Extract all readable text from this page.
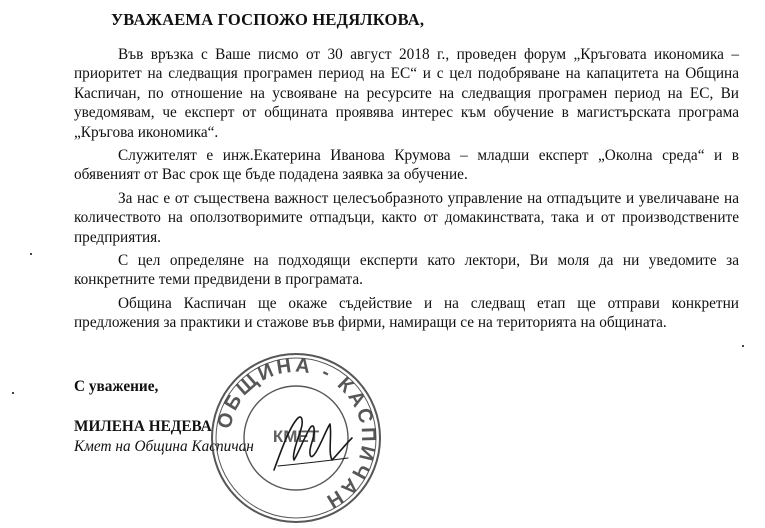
УВАЖАЕМА ГОСПОЖО НЕДЯЛКОВА,

Във връзка с Ваше писмо от 30 август 2018 г., проведен форум „Кръговата икономика – приоритет на следващия програмен период на ЕС“ и с цел подобряване на капацитета на Община Каспичан, по отношение на усвояване на ресурсите на следващия програмен период на ЕС, Ви уведомявам, че експерт от общината проявява интерес към обучение в магистърската програма „Кръгова икономика“.

Служителят е инж.Екатерина Иванова Крумова – младши експерт „Околна среда“ и в обявеният от Вас срок ще бъде подадена заявка за обучение.

За нас е от съществена важност целесъобразното управление на отпадъците и увеличаване на количеството на оползотворимите отпадъци, както от домакинствата, така и от производствените предприятия.

С цел определяне на подходящи експерти като лектори, Ви моля да ни уведомите за конкретните теми предвидени в програмата.

Община Каспичан ще окаже съдействие и на следващ етап ще отправи конкретни предложения за практики и стажове във фирми, намиращи се на територията на общината.

С уважение,
МИЛЕНА НЕДЕВА
Кмет на Община Каспичан
ОБЩИНА - КАСПИЧАН
КМЕТ
